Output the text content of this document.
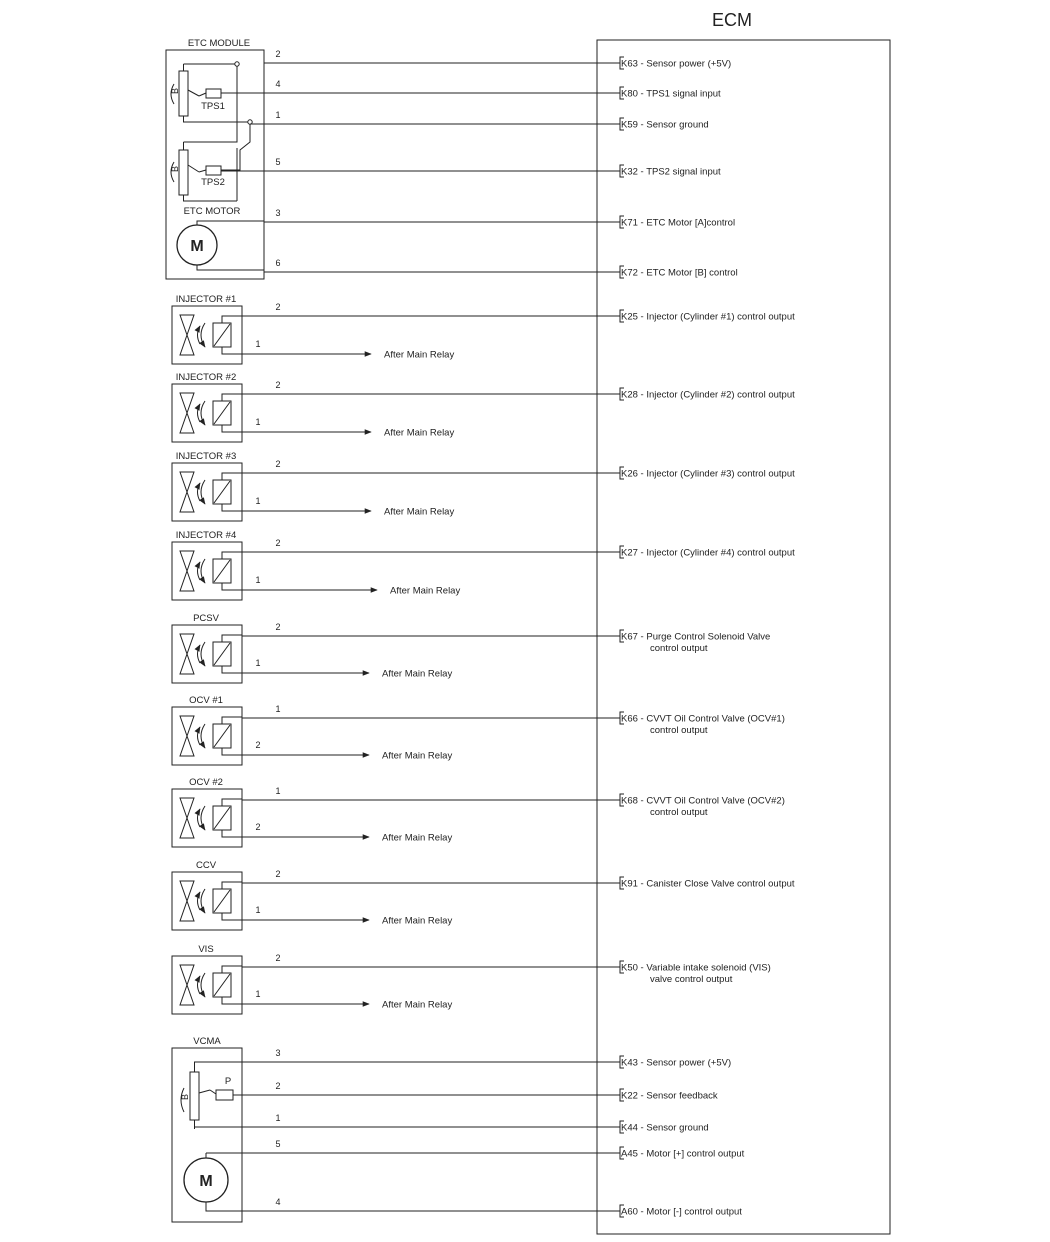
ECM
ETC MODULE
B
TPS1
B
TPS2
ETC MOTOR
M
VCMA
P
B
M
INJECTOR #1
INJECTOR #2
INJECTOR #3
INJECTOR #4
PCSV
OCV #1
OCV #2
CCV
VIS
2
K63 - Sensor power (+5V)
4
K80 - TPS1 signal input
1
K59 - Sensor ground
5
K32 - TPS2 signal input
3
K71 - ETC Motor [A]control
6
K72 - ETC Motor [B] control
2
K25 - Injector (Cylinder #1) control output
2
K28 - Injector (Cylinder #2) control output
2
K26 - Injector (Cylinder #3) control output
2
K27 - Injector (Cylinder #4) control output
2
K67 - Purge Control Solenoid Valve
control output
1
K66 - CVVT Oil Control Valve (OCV#1)
control output
1
K68 - CVVT Oil Control Valve (OCV#2)
control output
2
K91 - Canister Close Valve control output
2
K50 - Variable intake solenoid (VIS)
valve control output
3
K43 - Sensor power (+5V)
2
K22 - Sensor feedback
1
K44 - Sensor ground
5
A45 - Motor [+] control output
4
A60 - Motor [-] control output
1
After Main Relay
1
After Main Relay
1
After Main Relay
1
After Main Relay
1
After Main Relay
2
After Main Relay
2
After Main Relay
1
After Main Relay
1
After Main Relay
